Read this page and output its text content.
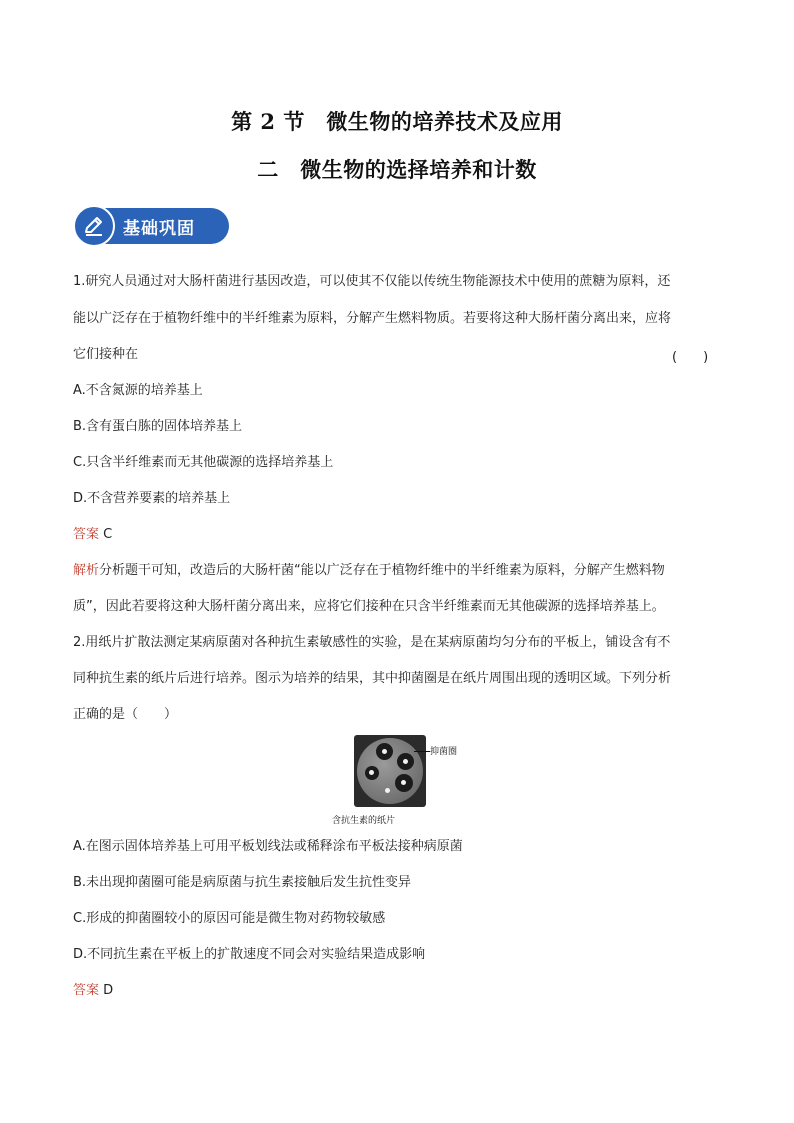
第 2 节　微生物的培养技术及应用
二　微生物的选择培养和计数
基础巩固
1.研究人员通过对大肠杆菌进行基因改造，可以使其不仅能以传统生物能源技术中使用的蔗糖为原料，还
能以广泛存在于植物纤维中的半纤维素为原料，分解产生燃料物质。若要将这种大肠杆菌分离出来，应将
它们接种在	(　　)
A.不含氮源的培养基上
B.含有蛋白胨的固体培养基上
C.只含半纤维素而无其他碳源的选择培养基上
D.不含营养要素的培养基上
答案 C
解析分析题干可知，改造后的大肠杆菌“能以广泛存在于植物纤维中的半纤维素为原料，分解产生燃料物
质”，因此若要将这种大肠杆菌分离出来，应将它们接种在只含半纤维素而无其他碳源的选择培养基上。
2.用纸片扩散法测定某病原菌对各种抗生素敏感性的实验，是在某病原菌均匀分布的平板上，铺设含有不
同种抗生素的纸片后进行培养。图示为培养的结果，其中抑菌圈是在纸片周围出现的透明区域。下列分析
正确的是（　　）
抑菌圈
含抗生素的纸片
A.在图示固体培养基上可用平板划线法或稀释涂布平板法接种病原菌
B.未出现抑菌圈可能是病原菌与抗生素接触后发生抗性变异
C.形成的抑菌圈较小的原因可能是微生物对药物较敏感
D.不同抗生素在平板上的扩散速度不同会对实验结果造成影响
答案 D
